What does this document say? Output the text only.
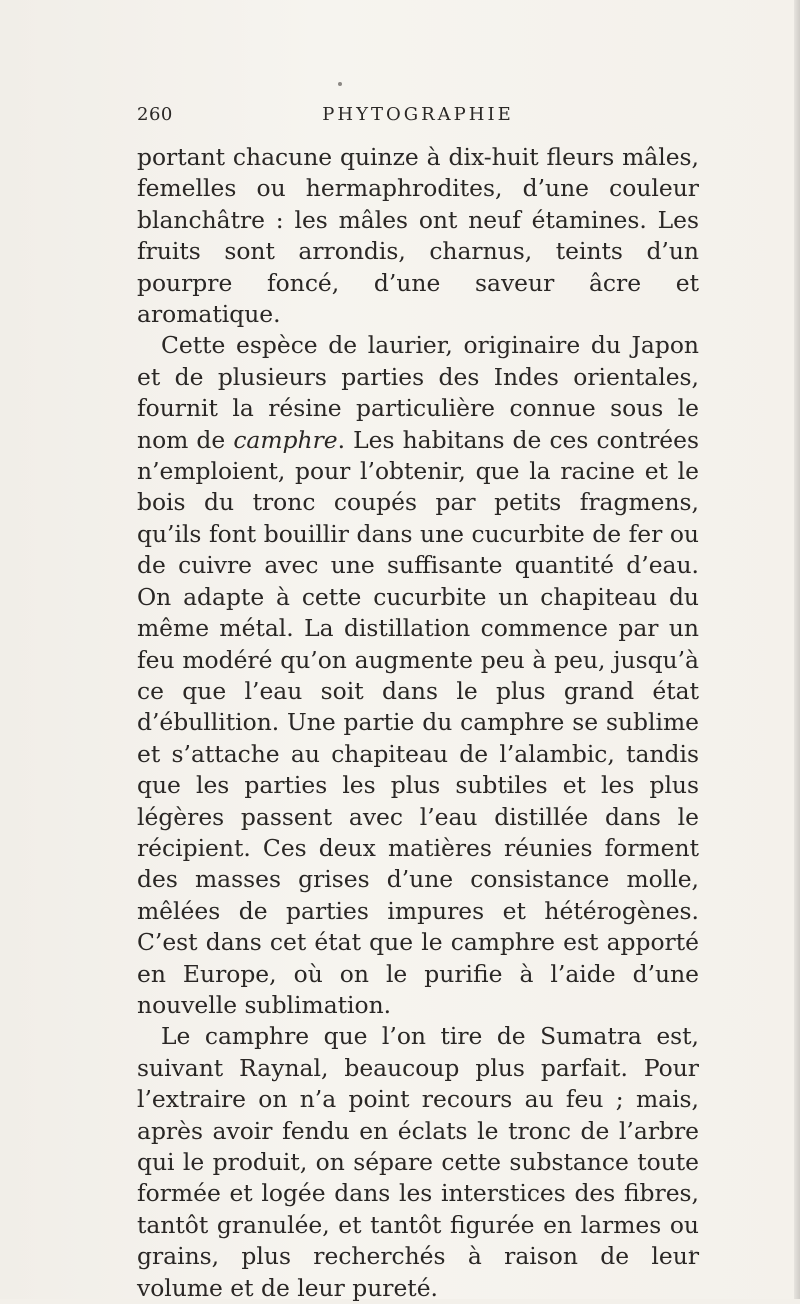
260	PHYTOGRAPHIE

portant chacune quinze à dix-huit fleurs mâles, femelles ou hermaphrodites, d’une couleur blanchâtre : les mâles ont neuf étamines. Les fruits sont arrondis, charnus, teints d’un pourpre foncé, d’une saveur âcre et aromatique.

Cette espèce de laurier, originaire du Japon et de plusieurs parties des Indes orientales, fournit la résine particulière connue sous le nom de camphre. Les habitans de ces contrées n’emploient, pour l’obtenir, que la racine et le bois du tronc coupés par petits fragmens, qu’ils font bouillir dans une cucurbite de fer ou de cuivre avec une suffisante quantité d’eau. On adapte à cette cucurbite un chapiteau du même métal. La distillation commence par un feu modéré qu’on augmente peu à peu, jusqu’à ce que l’eau soit dans le plus grand état d’ébullition. Une partie du camphre se sublime et s’attache au chapiteau de l’alambic, tandis que les parties les plus subtiles et les plus légères passent avec l’eau distillée dans le récipient. Ces deux matières réunies forment des masses grises d’une consistance molle, mêlées de parties impures et hétérogènes. C’est dans cet état que le camphre est apporté en Europe, où on le purifie à l’aide d’une nouvelle sublimation.

Le camphre que l’on tire de Sumatra est, suivant Raynal, beaucoup plus parfait. Pour l’extraire on n’a point recours au feu ; mais, après avoir fendu en éclats le tronc de l’arbre qui le produit, on sépare cette substance toute formée et logée dans les interstices des fibres, tantôt granulée, et tantôt figurée en larmes ou grains, plus recherchés à raison de leur volume et de leur pureté.
